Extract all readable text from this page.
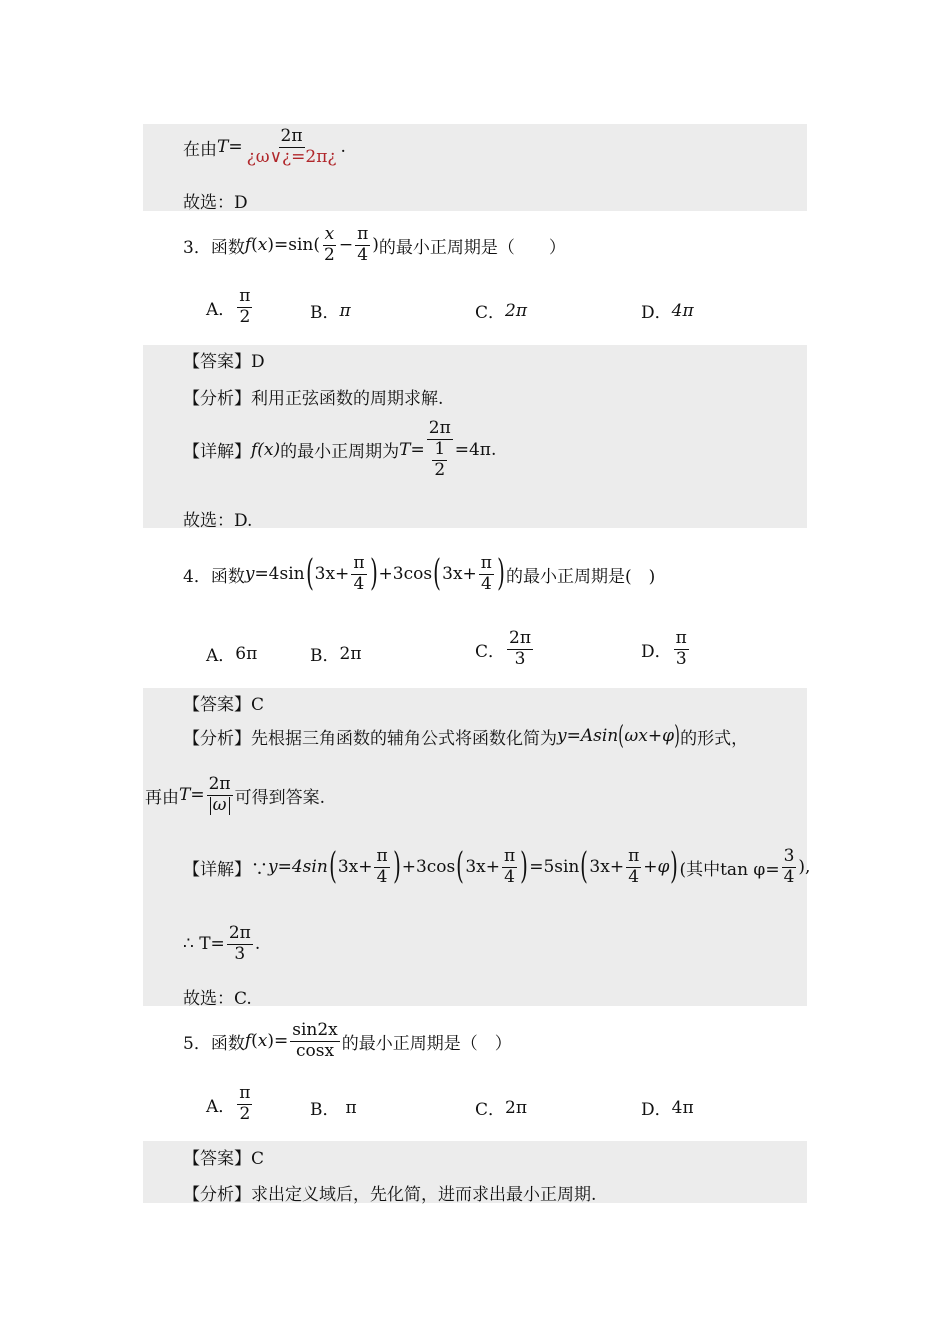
在由 $T = \frac{2\pi}{¿\omega\vee¿=2\pi¿}$ .
故选：D
3．函数 f ( x ) =sin ( $\frac{x}{2} - \frac{\pi}{4}$ ) 的最小正周期是（　　）
A． $\frac{\pi}{2}$	B． π	C． 2π	D． 4π
【答案】D
【分析】利用正弦函数的周期求解.
【详解】 f(x) 的最小正周期为 $T = \frac{2\pi}{\frac{1}{2}} =4\pi$ .
故选：D.
4．函数 y =4sin ( $3x+ \frac{\pi}{4}$ ) +3cos ( $3x+ \frac{\pi}{4}$ ) 的最小正周期是(　)
A． 6π	B． 2π	C． $\frac{2\pi}{3}$	D． $\frac{\pi}{3}$
【答案】C
【分析】先根据三角函数的辅角公式将函数化简为 y=Asin ( ωx+φ ) 的形式，
再由 $T= \frac{2\pi}{\omega}$ 可得到答案.
【详解】∵ y=4sin ( $3x+ \frac{\pi}{4}$ ) +3cos ( $3x+ \frac{\pi}{4}$ ) =5sin ( $3x+ \frac{\pi}{4} +\varphi$ ) (其中$\tan \varphi= \frac{3}{4}$ ),
∴ $T= \frac{2\pi}{3}$ .
故选：C.
5．函数 f ( x ) = $\frac{\sin 2x}{\cos x}$ 的最小正周期是（　）
A． $\frac{\pi}{2}$	B． π	C． 2π	D． 4π
【答案】C
【分析】求出定义域后，先化简，进而求出最小正周期.
